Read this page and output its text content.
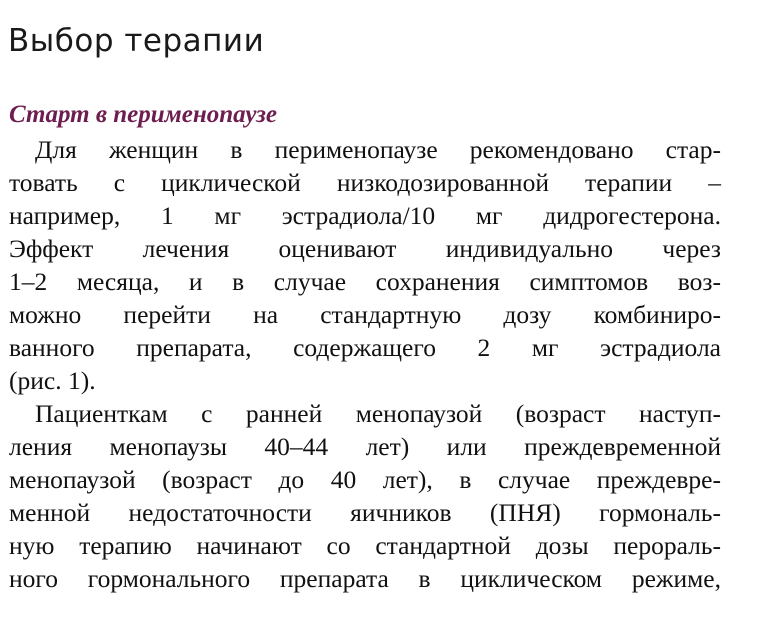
Выбор терапии
Старт в перименопаузе
Для женщин в перименопаузе рекомендовано стар-
товать с циклической низкодозированной терапии –
например, 1 мг эстрадиола/10 мг дидрогестерона.
Эффект лечения оценивают индивидуально через
1–2 месяца, и в случае сохранения симптомов воз-
можно перейти на стандартную дозу комбиниро-
ванного препарата, содержащего 2 мг эстрадиола
(рис. 1).
Пациенткам с ранней менопаузой (возраст наступ-
ления менопаузы 40–44 лет) или преждевременной
менопаузой (возраст до 40 лет), в случае преждевре-
менной недостаточности яичников (ПНЯ) гормональ-
ную терапию начинают со стандартной дозы перораль-
ного гормонального препарата в циклическом режиме,
